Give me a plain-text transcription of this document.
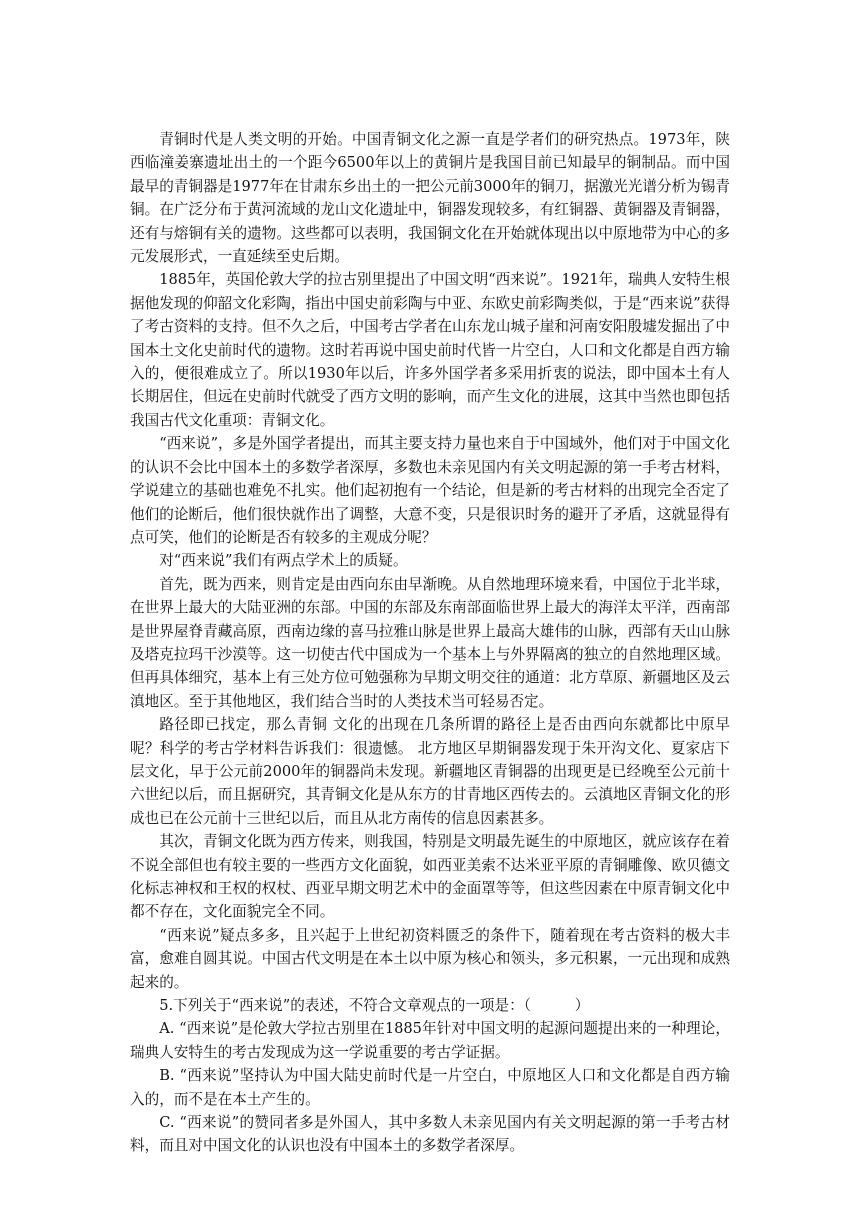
青铜时代是人类文明的开始。中国青铜文化之源一直是学者们的研究热点。1973年，陕西临潼姜寨遗址出土的一个距今6500年以上的黄铜片是我国目前已知最早的铜制品。而中国最早的青铜器是1977年在甘肃东乡出土的一把公元前3000年的铜刀，据激光光谱分析为锡青铜。在广泛分布于黄河流域的龙山文化遗址中，铜器发现较多，有红铜器、黄铜器及青铜器，还有与熔铜有关的遗物。这些都可以表明，我国铜文化在开始就体现出以中原地带为中心的多元发展形式，一直延续至史后期。

1885年，英国伦敦大学的拉古别里提出了中国文明“西来说”。1921年，瑞典人安特生根据他发现的仰韶文化彩陶，指出中国史前彩陶与中亚、东欧史前彩陶类似，于是“西来说”获得了考古资料的支持。但不久之后，中国考古学者在山东龙山城子崖和河南安阳殷墟发掘出了中国本土文化史前时代的遗物。这时若再说中国史前时代皆一片空白，人口和文化都是自西方输入的，便很难成立了。所以1930年以后，许多外国学者多采用折衷的说法，即中国本土有人长期居住，但远在史前时代就受了西方文明的影响，而产生文化的进展，这其中当然也即包括我国古代文化重项：青铜文化。

“西来说”，多是外国学者提出，而其主要支持力量也来自于中国域外，他们对于中国文化的认识不会比中国本土的多数学者深厚，多数也未亲见国内有关文明起源的第一手考古材料，学说建立的基础也难免不扎实。他们起初抱有一个结论，但是新的考古材料的出现完全否定了他们的论断后，他们很快就作出了调整，大意不变，只是很识时务的避开了矛盾，这就显得有点可笑，他们的论断是否有较多的主观成分呢？

对“西来说”我们有两点学术上的质疑。

首先，既为西来，则肯定是由西向东由早渐晚。从自然地理环境来看，中国位于北半球，在世界上最大的大陆亚洲的东部。中国的东部及东南部面临世界上最大的海洋太平洋，西南部是世界屋脊青藏高原，西南边缘的喜马拉雅山脉是世界上最高大雄伟的山脉，西部有天山山脉及塔克拉玛干沙漠等。这一切使古代中国成为一个基本上与外界隔离的独立的自然地理区域。但再具体细究，基本上有三处方位可勉强称为早期文明交往的通道：北方草原、新疆地区及云滇地区。至于其他地区，我们结合当时的人类技术当可轻易否定。

路径即已找定，那么青铜 文化的出现在几条所谓的路径上是否由西向东就都比中原早呢？科学的考古学材料告诉我们：很遗憾。 北方地区早期铜器发现于朱开沟文化、夏家店下层文化，早于公元前2000年的铜器尚未发现。新疆地区青铜器的出现更是已经晚至公元前十六世纪以后，而且据研究，其青铜文化是从东方的甘青地区西传去的。云滇地区青铜文化的形成也已在公元前十三世纪以后，而且从北方南传的信息因素甚多。

其次，青铜文化既为西方传来，则我国，特别是文明最先诞生的中原地区，就应该存在着不说全部但也有较主要的一些西方文化面貌，如西亚美索不达米亚平原的青铜雕像、欧贝德文化标志神权和王权的权杖、西亚早期文明艺术中的金面罩等等，但这些因素在中原青铜文化中都不存在，文化面貌完全不同。

“西来说”疑点多多，且兴起于上世纪初资料匮乏的条件下，随着现在考古资料的极大丰富，愈难自圆其说。中国古代文明是在本土以中原为核心和领头，多元积累，一元出现和成熟起来的。

5.下列关于“西来说”的表述，不符合文章观点的一项是：（　　　）

A. “西来说”是伦敦大学拉古别里在1885年针对中国文明的起源问题提出来的一种理论，瑞典人安特生的考古发现成为这一学说重要的考古学证据。

B. “西来说”坚持认为中国大陆史前时代是一片空白，中原地区人口和文化都是自西方输入的，而不是在本土产生的。

C. “西来说”的赞同者多是外国人，其中多数人未亲见国内有关文明起源的第一手考古材料，而且对中国文化的认识也没有中国本土的多数学者深厚。
